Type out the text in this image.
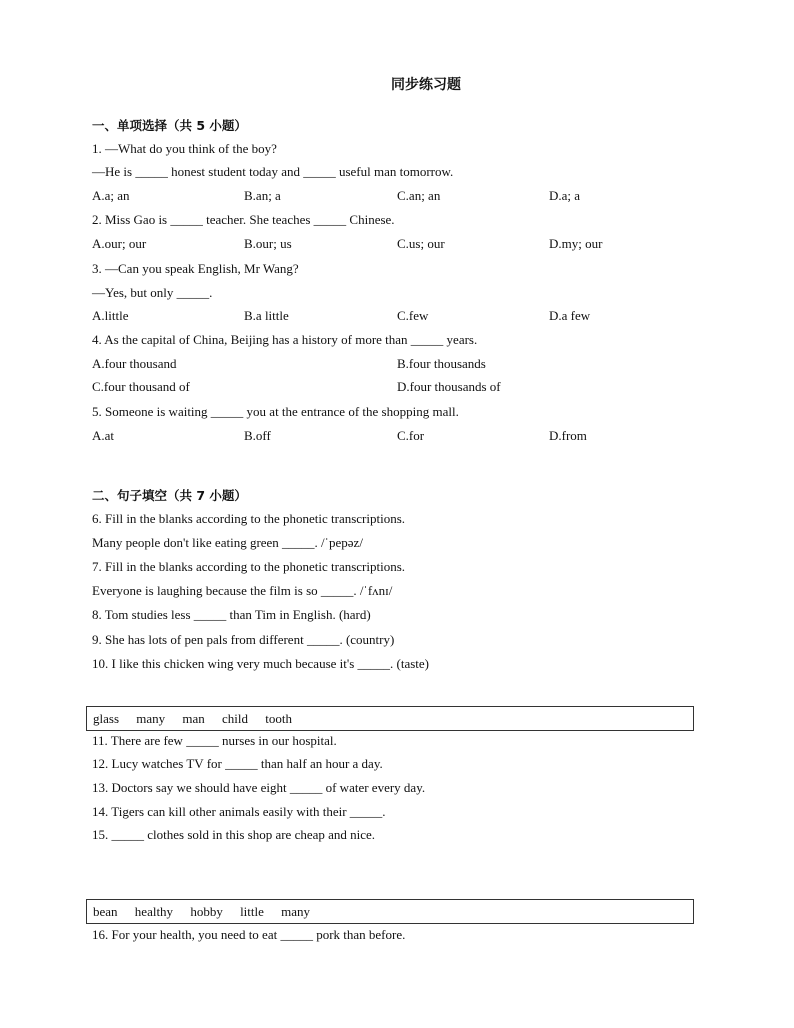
同步练习题
一、单项选择（共 5 小题）
1. —What do you think of the boy?
—He is _____ honest student today and _____ useful man tomorrow.
A.a; an	B.an; a	C.an; an	D.a; a
2. Miss Gao is _____ teacher. She teaches _____ Chinese.
A.our; our	B.our; us	C.us; our	D.my; our
3. —Can you speak English, Mr Wang?
—Yes, but only _____.
A.little	B.a little	C.few	D.a few
4. As the capital of China, Beijing has a history of more than _____ years.
A.four thousand	B.four thousands
C.four thousand of	D.four thousands of
5. Someone is waiting _____ you at the entrance of the shopping mall.
A.at	B.off	C.for	D.from
二、句子填空（共 7 小题）
6. Fill in the blanks according to the phonetic transcriptions.
Many people don't like eating green _____. /ˈpepəz/
7. Fill in the blanks according to the phonetic transcriptions.
Everyone is laughing because the film is so _____. /ˈfʌnɪ/
8. Tom studies less _____ than Tim in English. (hard)
9. She has lots of pen pals from different _____. (country)
10. I like this chicken wing very much because it's _____. (taste)
glass many man child tooth
11. There are few _____ nurses in our hospital.
12. Lucy watches TV for _____ than half an hour a day.
13. Doctors say we should have eight _____ of water every day.
14. Tigers can kill other animals easily with their _____.
15. _____ clothes sold in this shop are cheap and nice.
bean healthy hobby little many
16. For your health, you need to eat _____ pork than before.
